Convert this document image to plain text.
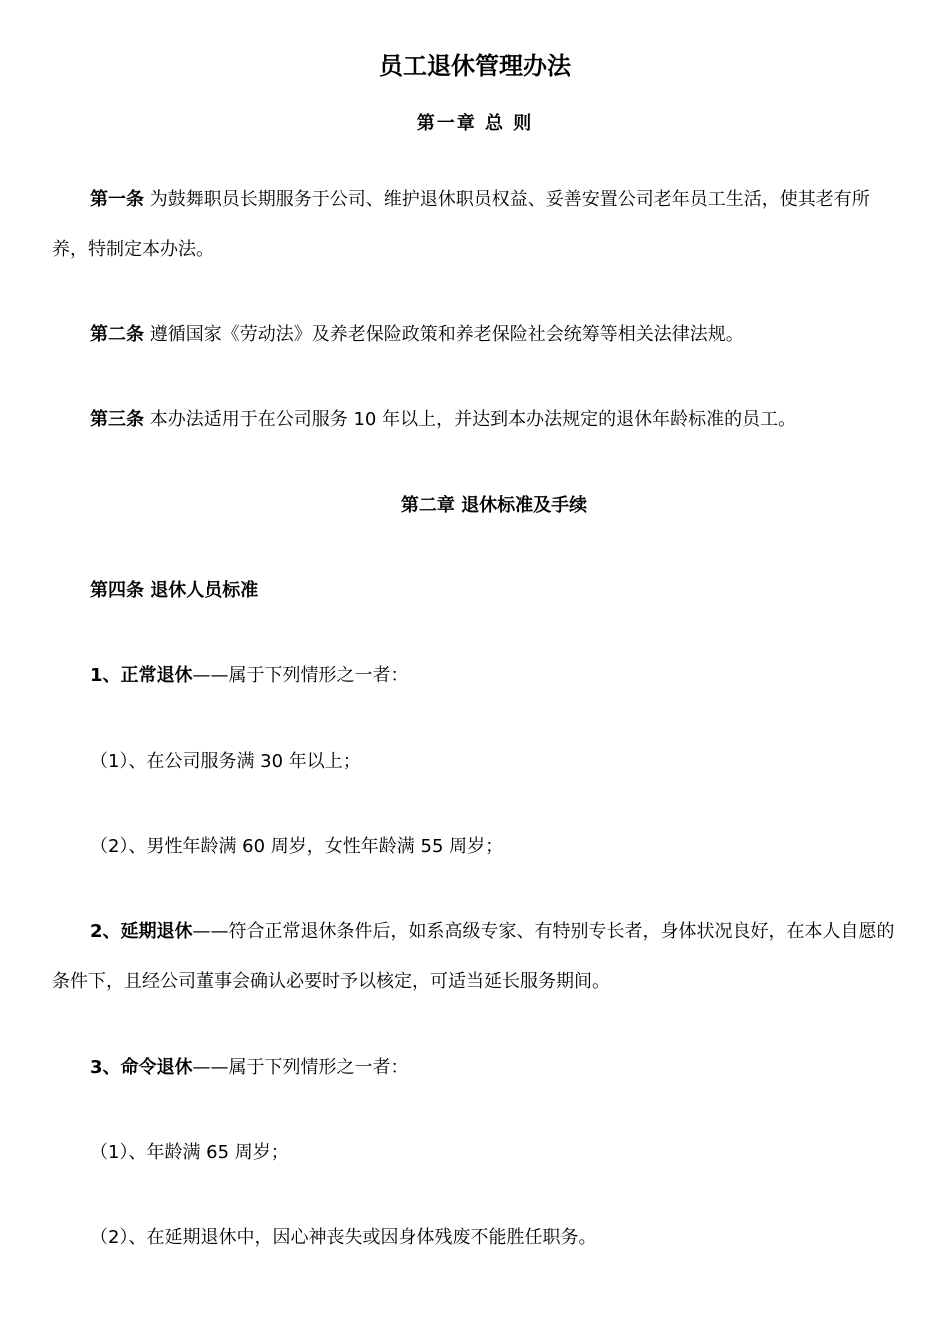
员工退休管理办法
第一章 总 则

第一条 为鼓舞职员长期服务于公司、维护退休职员权益、妥善安置公司老年员工生活，使其老有所养，特制定本办法。

第二条 遵循国家《劳动法》及养老保险政策和养老保险社会统筹等相关法律法规。

第三条 本办法适用于在公司服务 10 年以上，并达到本办法规定的退休年龄标准的员工。

第二章 退休标准及手续

第四条 退休人员标准

1、正常退休——属于下列情形之一者：

（1）、在公司服务满 30 年以上；

（2）、男性年龄满 60 周岁，女性年龄满 55 周岁；

2、延期退休——符合正常退休条件后，如系高级专家、有特别专长者，身体状况良好，在本人自愿的条件下，且经公司董事会确认必要时予以核定，可适当延长服务期间。

3、命令退休——属于下列情形之一者：

（1）、年龄满 65 周岁；

（2）、在延期退休中，因心神丧失或因身体残废不能胜任职务。
